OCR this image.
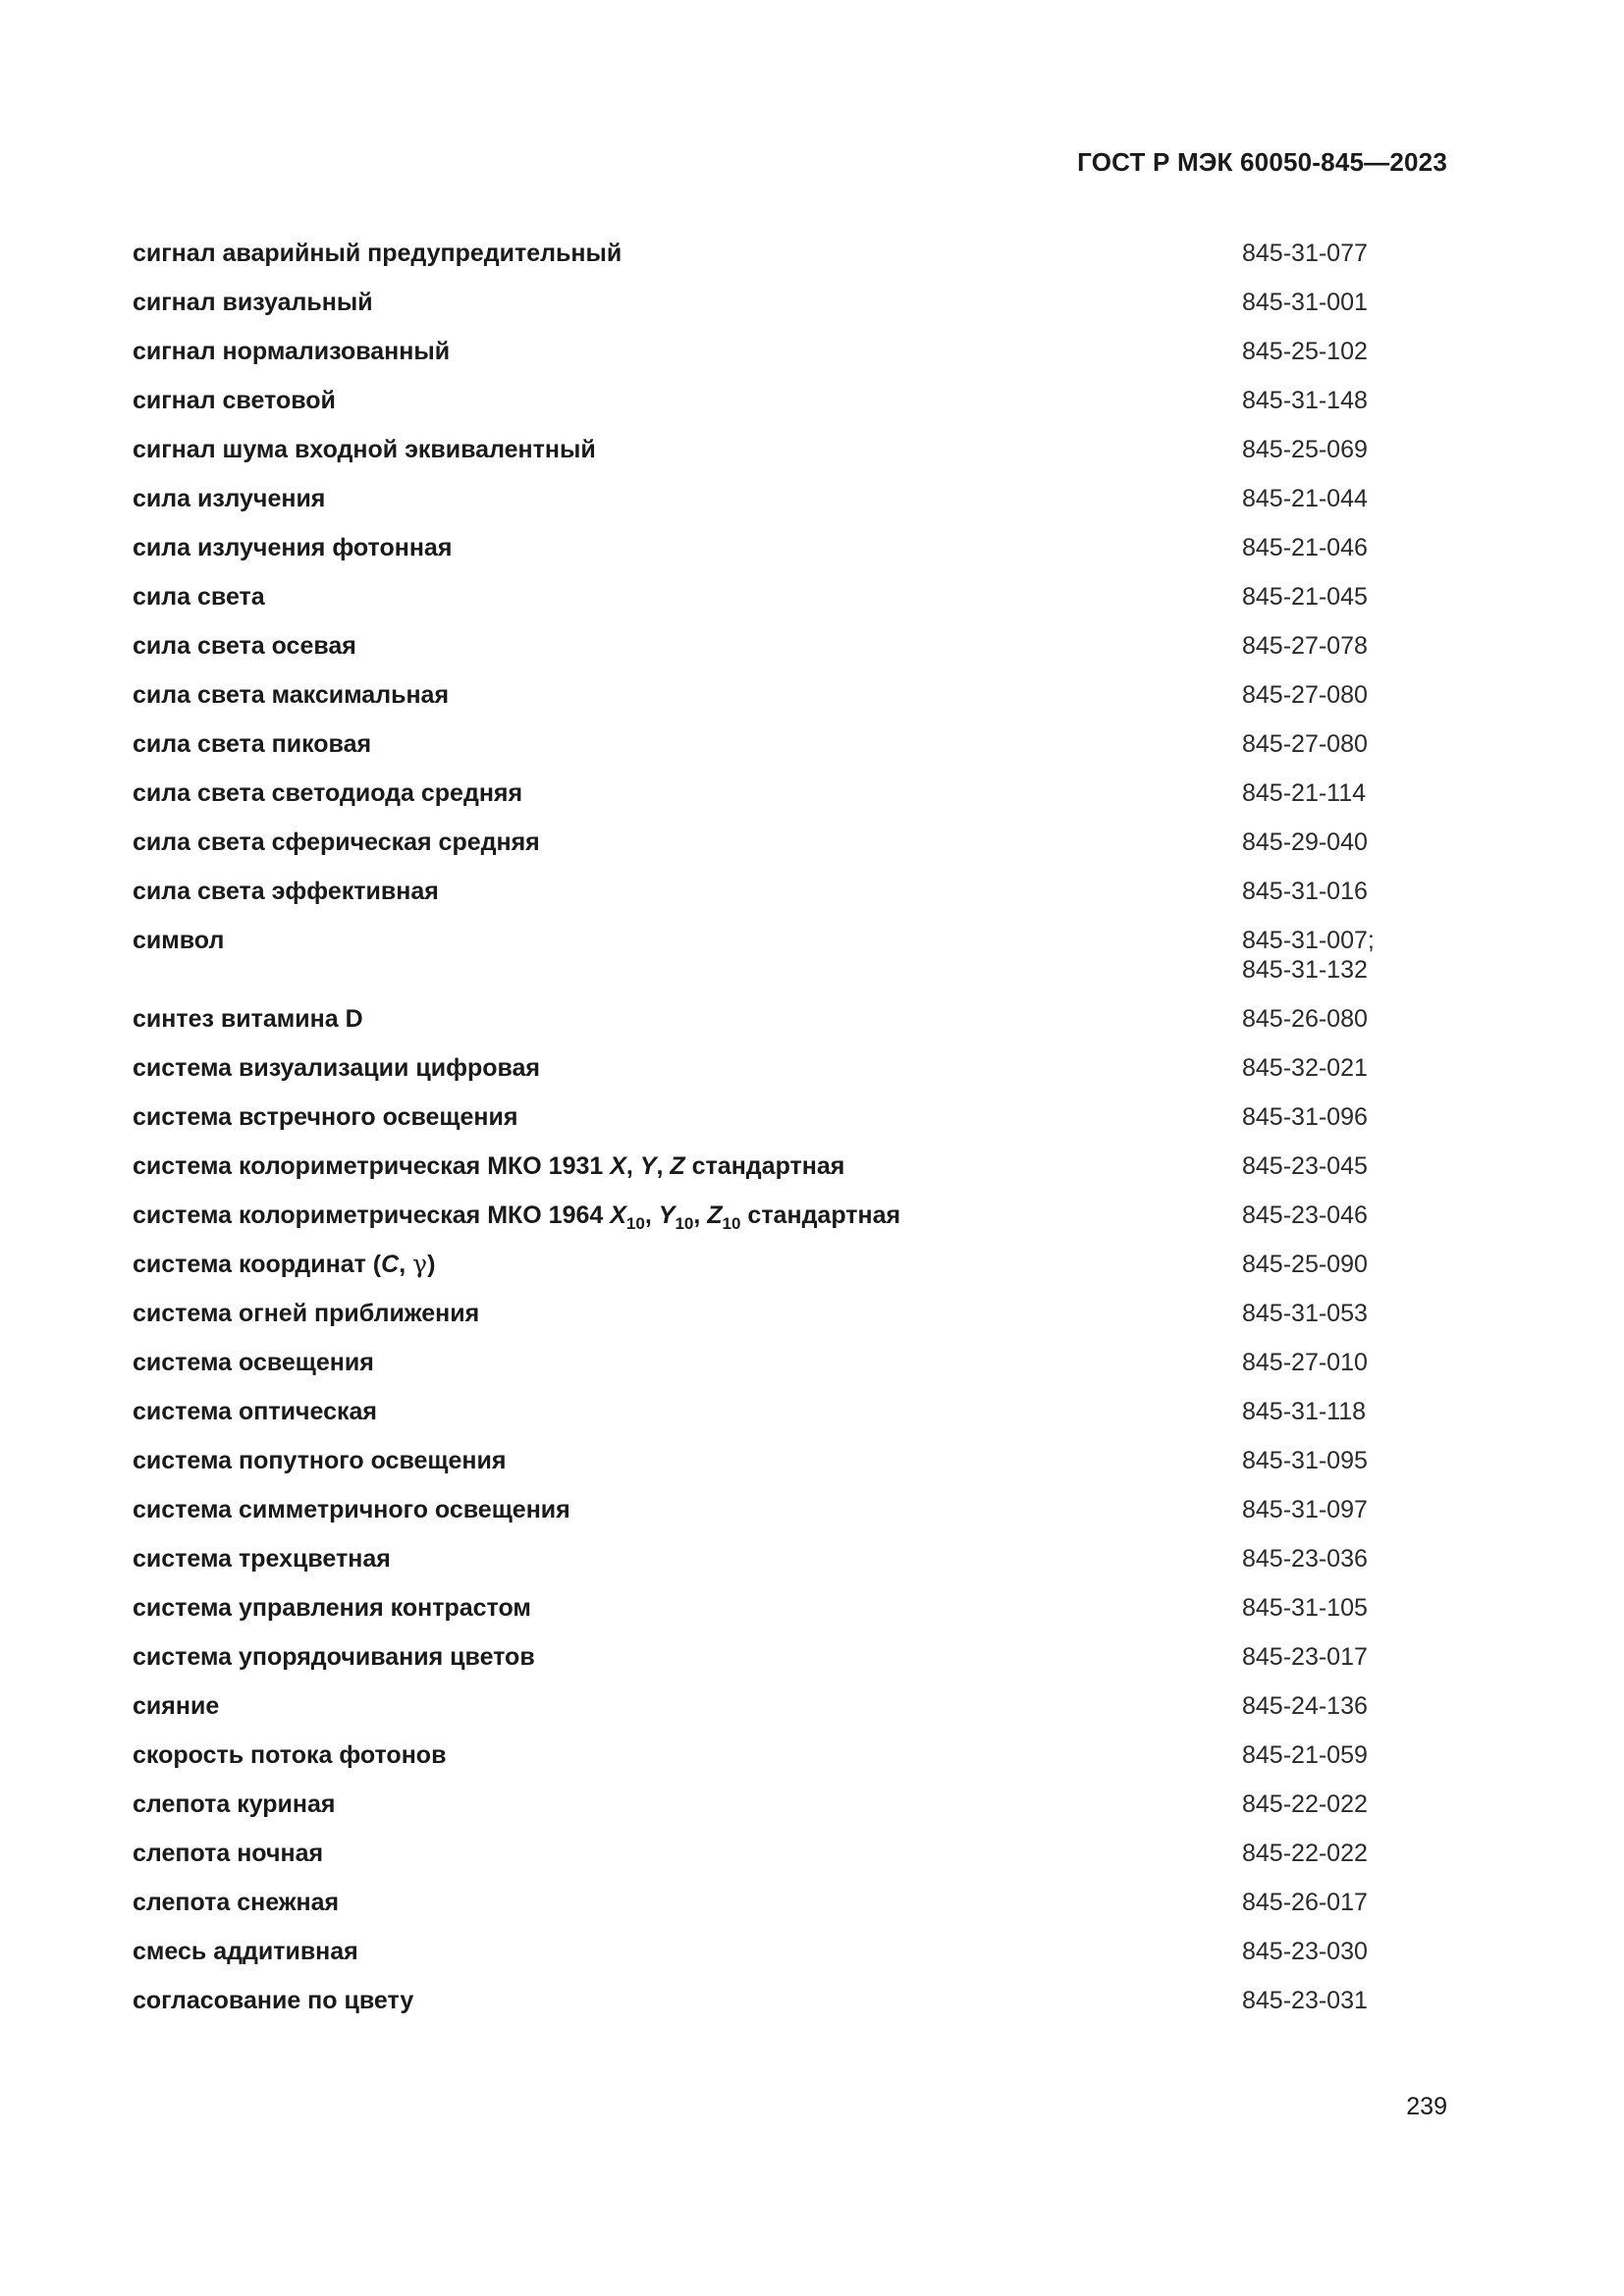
ГОСТ Р МЭК 60050-845—2023
сигнал аварийный предупредительный	845-31-077
сигнал визуальный	845-31-001
сигнал нормализованный	845-25-102
сигнал световой	845-31-148
сигнал шума входной эквивалентный	845-25-069
сила излучения	845-21-044
сила излучения фотонная	845-21-046
сила света	845-21-045
сила света осевая	845-27-078
сила света максимальная	845-27-080
сила света пиковая	845-27-080
сила света светодиода средняя	845-21-114
сила света сферическая средняя	845-29-040
сила света эффективная	845-31-016
символ	845-31-007;
845-31-132
синтез витамина D	845-26-080
система визуализации цифровая	845-32-021
система встречного освещения	845-31-096
система колориметрическая МКО 1931 X, Y, Z стандартная	845-23-045
система колориметрическая МКО 1964 $X_{10}$, $Y_{10}$, $Z_{10}$ стандартная	845-23-046
система координат (C, γ)	845-25-090
система огней приближения	845-31-053
система освещения	845-27-010
система оптическая	845-31-118
система попутного освещения	845-31-095
система симметричного освещения	845-31-097
система трехцветная	845-23-036
система управления контрастом	845-31-105
система упорядочивания цветов	845-23-017
сияние	845-24-136
скорость потока фотонов	845-21-059
слепота куриная	845-22-022
слепота ночная	845-22-022
слепота снежная	845-26-017
смесь аддитивная	845-23-030
согласование по цвету	845-23-031
239
